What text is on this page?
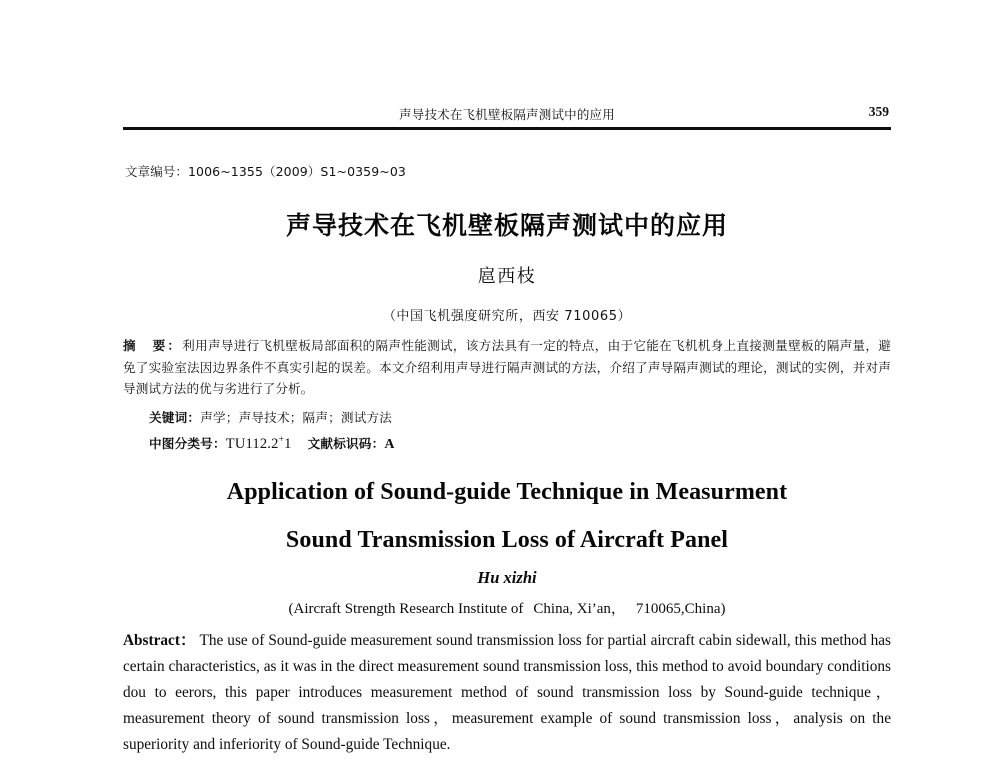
声导技术在飞机壁板隔声测试中的应用	359
文章编号：1006~1355（2009）S1~0359~03
声导技术在飞机壁板隔声测试中的应用
扈西枝
（中国飞机强度研究所，西安 710065）
摘　要：利用声导进行飞机壁板局部面积的隔声性能测试，该方法具有一定的特点，由于它能在飞机机身上直接测量壁板的隔声量，避免了实验室法因边界条件不真实引起的误差。本文介绍利用声导进行隔声测试的方法，介绍了声导隔声测试的理论，测试的实例，并对声导测试方法的优与劣进行了分析。
关键词：声学；声导技术；隔声；测试方法
中图分类号：TU112.2+1 文献标识码：A
Application of Sound-guide Technique in Measurment
Sound Transmission Loss of Aircraft Panel
Hu xizhi
(Aircraft Strength Research Institute of China, Xi’an， 710065,China)
Abstract： The use of Sound-guide measurement sound transmission loss for partial aircraft cabin sidewall, this method has certain characteristics, as it was in the direct measurement sound transmission loss, this method to avoid boundary conditions dou to eerors, this paper introduces measurement method of sound transmission loss by Sound-guide technique，measurement theory of sound transmission loss，measurement example of sound transmission loss，analysis on the superiority and inferiority of Sound-guide Technique.
